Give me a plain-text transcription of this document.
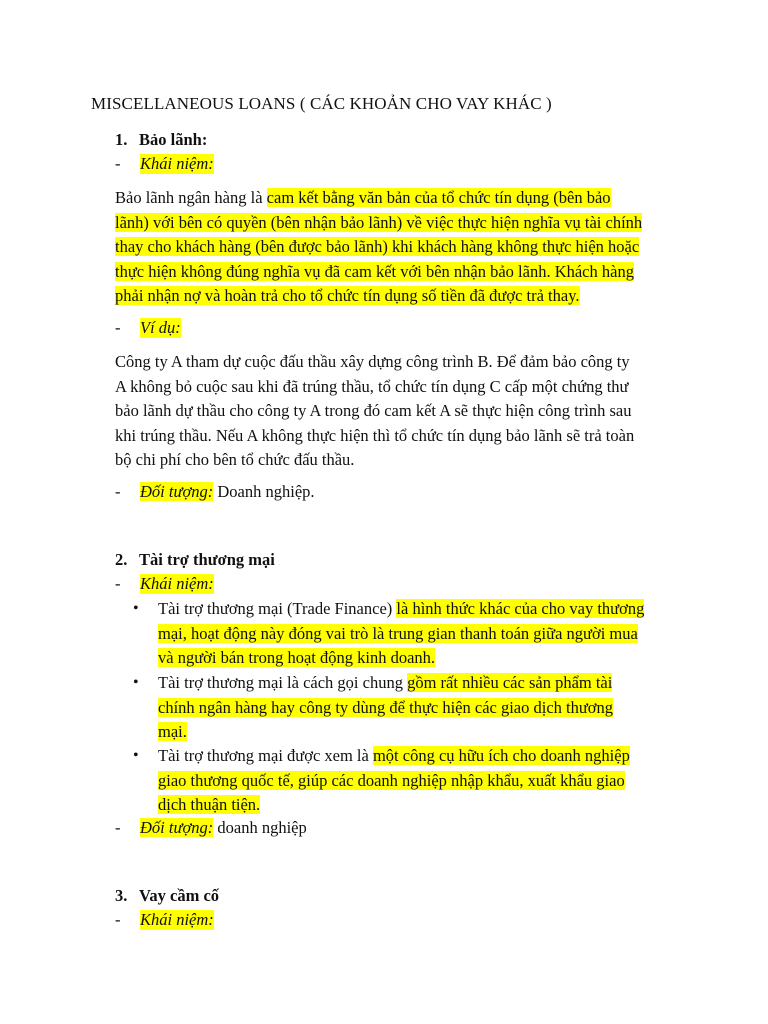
MISCELLANEOUS LOANS ( CÁC KHOẢN CHO VAY KHÁC )
1. Bảo lãnh:
- Khái niệm:
Bảo lãnh ngân hàng là cam kết bằng văn bản của tổ chức tín dụng (bên bảo
lãnh) với bên có quyền (bên nhận bảo lãnh) về việc thực hiện nghĩa vụ tài chính
thay cho khách hàng (bên được bảo lãnh) khi khách hàng không thực hiện hoặc
thực hiện không đúng nghĩa vụ đã cam kết với bên nhận bảo lãnh. Khách hàng
phải nhận nợ và hoàn trả cho tổ chức tín dụng số tiền đã được trả thay.
- Ví dụ:
Công ty A tham dự cuộc đấu thầu xây dựng công trình B. Để đảm bảo công ty
A không bỏ cuộc sau khi đã trúng thầu, tổ chức tín dụng C cấp một chứng thư
bảo lãnh dự thầu cho công ty A trong đó cam kết A sẽ thực hiện công trình sau
khi trúng thầu. Nếu A không thực hiện thì tổ chức tín dụng bảo lãnh sẽ trả toàn
bộ chi phí cho bên tổ chức đấu thầu.
- Đối tượng: Doanh nghiệp.
2. Tài trợ thương mại
- Khái niệm:
• Tài trợ thương mại (Trade Finance) là hình thức khác của cho vay thương
mại, hoạt động này đóng vai trò là trung gian thanh toán giữa người mua
và người bán trong hoạt động kinh doanh.
• Tài trợ thương mại là cách gọi chung gồm rất nhiều các sản phẩm tài
chính ngân hàng hay công ty dùng để thực hiện các giao dịch thương
mại.
• Tài trợ thương mại được xem là một công cụ hữu ích cho doanh nghiệp
giao thương quốc tế, giúp các doanh nghiệp nhập khẩu, xuất khẩu giao
dịch thuận tiện.
- Đối tượng: doanh nghiệp
3. Vay cầm cố
- Khái niệm:
